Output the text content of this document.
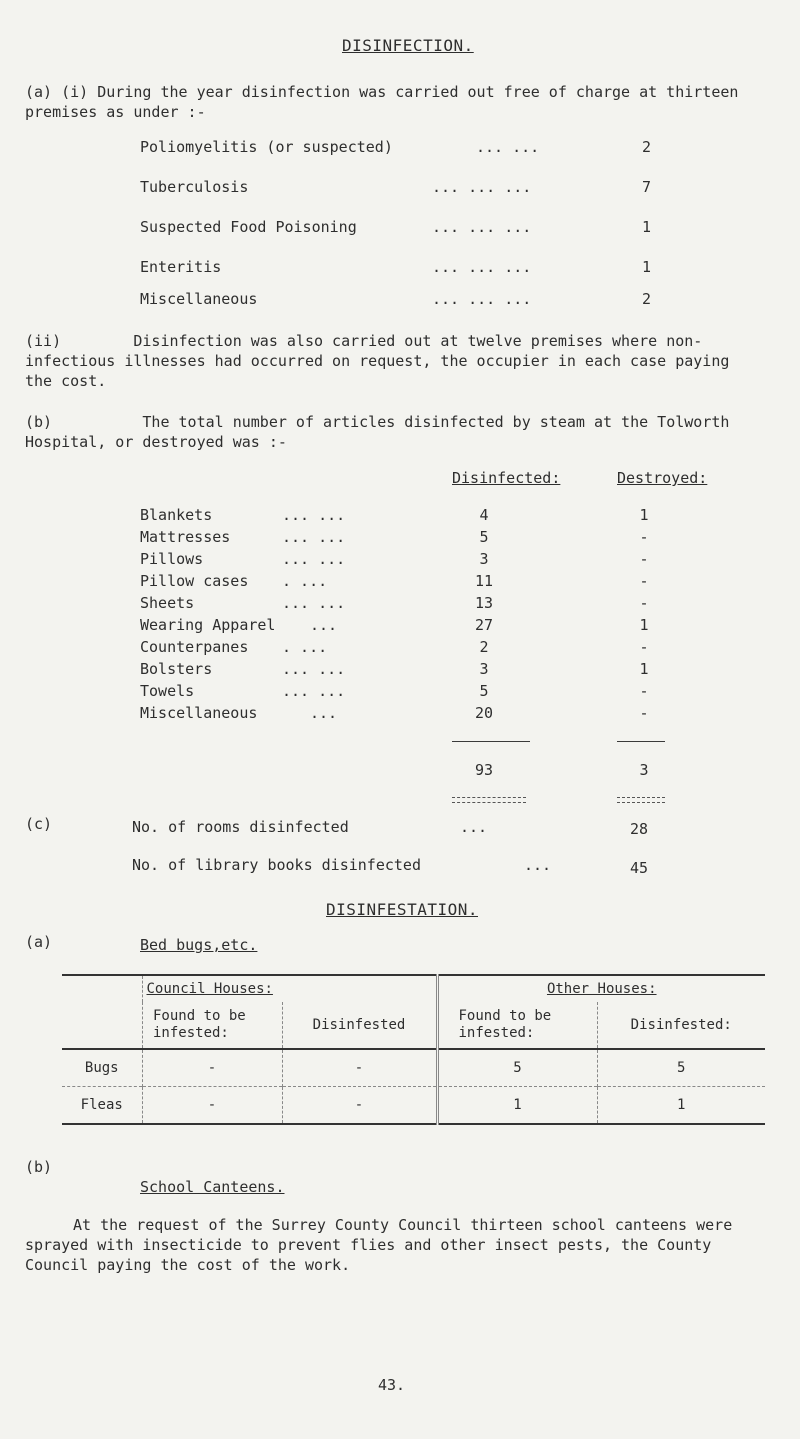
DISINFECTION.
(a) (i) During the year disinfection was carried out free of charge at thirteen premises as under :-
Poliomyelitis (or suspected)	... ...	2
Tuberculosis	... ... ...	7
Suspected Food Poisoning	... ... ...	1
Enteritis	... ... ...	1
Miscellaneous	... ... ...	2
(ii)	Disinfection was also carried out at twelve premises where non-infectious illnesses had occurred on request, the occupier in each case paying the cost.
(b)	The total number of articles disinfected by steam at the Tolworth Hospital, or destroyed was :-
Disinfected:	Destroyed:
Blankets	... ...	4	1
Mattresses	... ...	5	-
Pillows	... ...	3	-
Pillow cases . ...	11	-
Sheets	... ...	13	-
Wearing Apparel ...	27	1
Counterpanes . ...	2	-
Bolsters	... ...	3	1
Towels	... ...	5	-
Miscellaneous	...	20	-
93	3
(c)	No. of rooms disinfected	...	28
No. of library books disinfected	...	45
DISINFESTATION.
(a)	Bed bugs,etc.
	Council Houses:		Other Houses:	
	Found to be infested:	Disinfested	Found to be infested:	Disinfested:
Bugs	-	-	5	5
Fleas	-	-	1	1
(b)
School Canteens.
At the request of the Surrey County Council thirteen school canteens were sprayed with insecticide to prevent flies and other insect pests, the County Council paying the cost of the work.
43.
